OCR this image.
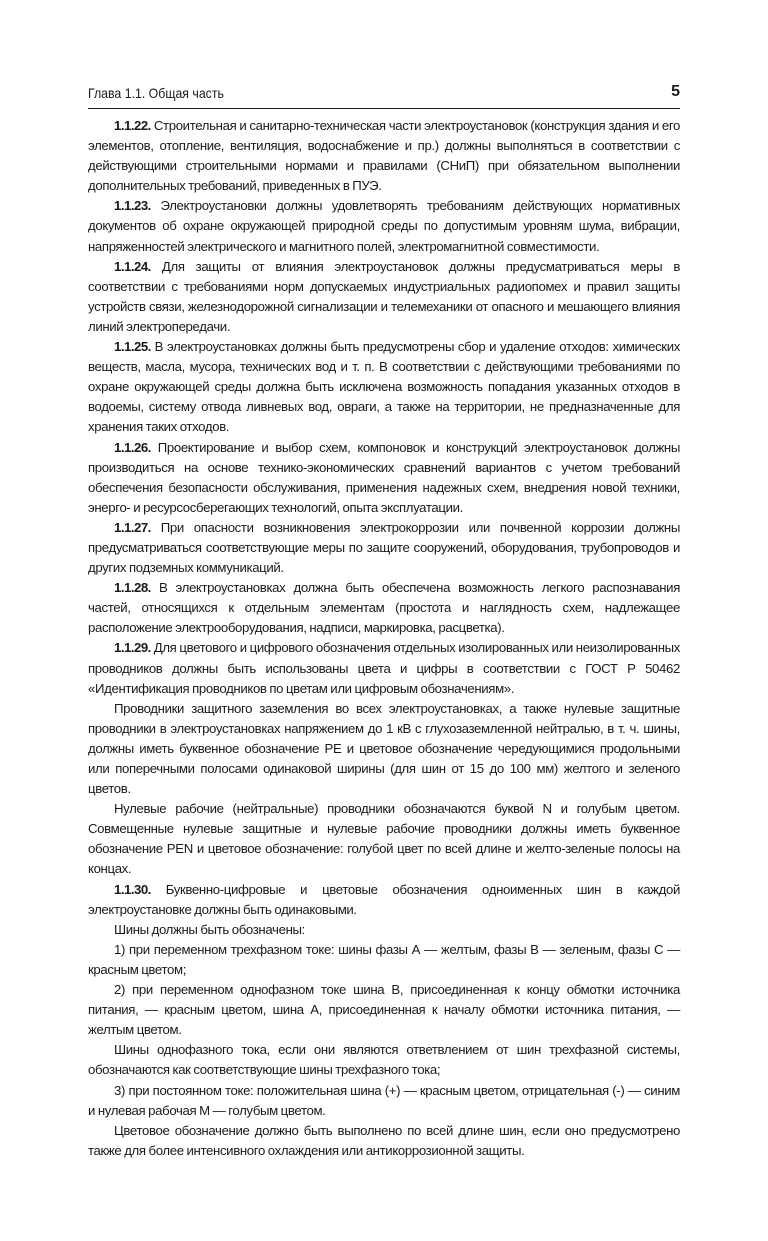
Глава 1.1. Общая часть	5

1.1.22. Строительная и санитарно-техническая части электроустановок (конструкция здания и его элементов, отопление, вентиляция, водоснабжение и пр.) должны выполняться в соответствии с действующими строительными нормами и правилами (СНиП) при обязательном выполнении дополнительных требований, приведенных в ПУЭ.

1.1.23. Электроустановки должны удовлетворять требованиям действующих нормативных документов об охране окружающей природной среды по допустимым уровням шума, вибрации, напряженностей электрического и магнитного полей, электромагнитной совместимости.

1.1.24. Для защиты от влияния электроустановок должны предусматриваться меры в соответствии с требованиями норм допускаемых индустриальных радиопомех и правил защиты устройств связи, железнодорожной сигнализации и телемеханики от опасного и мешающего влияния линий электропередачи.

1.1.25. В электроустановках должны быть предусмотрены сбор и удаление отходов: химических веществ, масла, мусора, технических вод и т. п. В соответствии с действующими требованиями по охране окружающей среды должна быть исключена возможность попадания указанных отходов в водоемы, систему отвода ливневых вод, овраги, а также на территории, не предназначенные для хранения таких отходов.

1.1.26. Проектирование и выбор схем, компоновок и конструкций электроустановок должны производиться на основе технико-экономических сравнений вариантов с учетом требований обеспечения безопасности обслуживания, применения надежных схем, внедрения новой техники, энерго- и ресурсосберегающих технологий, опыта эксплуатации.

1.1.27. При опасности возникновения электрокоррозии или почвенной коррозии должны предусматриваться соответствующие меры по защите сооружений, оборудования, трубопроводов и других подземных коммуникаций.

1.1.28. В электроустановках должна быть обеспечена возможность легкого распознавания частей, относящихся к отдельным элементам (простота и наглядность схем, надлежащее расположение электрооборудования, надписи, маркировка, расцветка).

1.1.29. Для цветового и цифрового обозначения отдельных изолированных или неизолированных проводников должны быть использованы цвета и цифры в соответствии с ГОСТ Р 50462 «Идентификация проводников по цветам или цифровым обозначениям».

Проводники защитного заземления во всех электроустановках, а также нулевые защитные проводники в электроустановках напряжением до 1 кВ с глухозаземленной нейтралью, в т. ч. шины, должны иметь буквенное обозначение PE и цветовое обозначение чередующимися продольными или поперечными полосами одинаковой ширины (для шин от 15 до 100 мм) желтого и зеленого цветов.

Нулевые рабочие (нейтральные) проводники обозначаются буквой N и голубым цветом. Совмещенные нулевые защитные и нулевые рабочие проводники должны иметь буквенное обозначение PEN и цветовое обозначение: голубой цвет по всей длине и желто-зеленые полосы на концах.

1.1.30. Буквенно-цифровые и цветовые обозначения одноименных шин в каждой электроустановке должны быть одинаковыми.

Шины должны быть обозначены:

1) при переменном трехфазном токе: шины фазы А — желтым, фазы В — зеленым, фазы С — красным цветом;

2) при переменном однофазном токе шина В, присоединенная к концу обмотки источника питания, — красным цветом, шина А, присоединенная к началу обмотки источника питания, — желтым цветом.

Шины однофазного тока, если они являются ответвлением от шин трехфазной системы, обозначаются как соответствующие шины трехфазного тока;

3) при постоянном токе: положительная шина (+) — красным цветом, отрицательная (-) — синим и нулевая рабочая М — голубым цветом.

Цветовое обозначение должно быть выполнено по всей длине шин, если оно предусмотрено также для более интенсивного охлаждения или антикоррозионной защиты.
